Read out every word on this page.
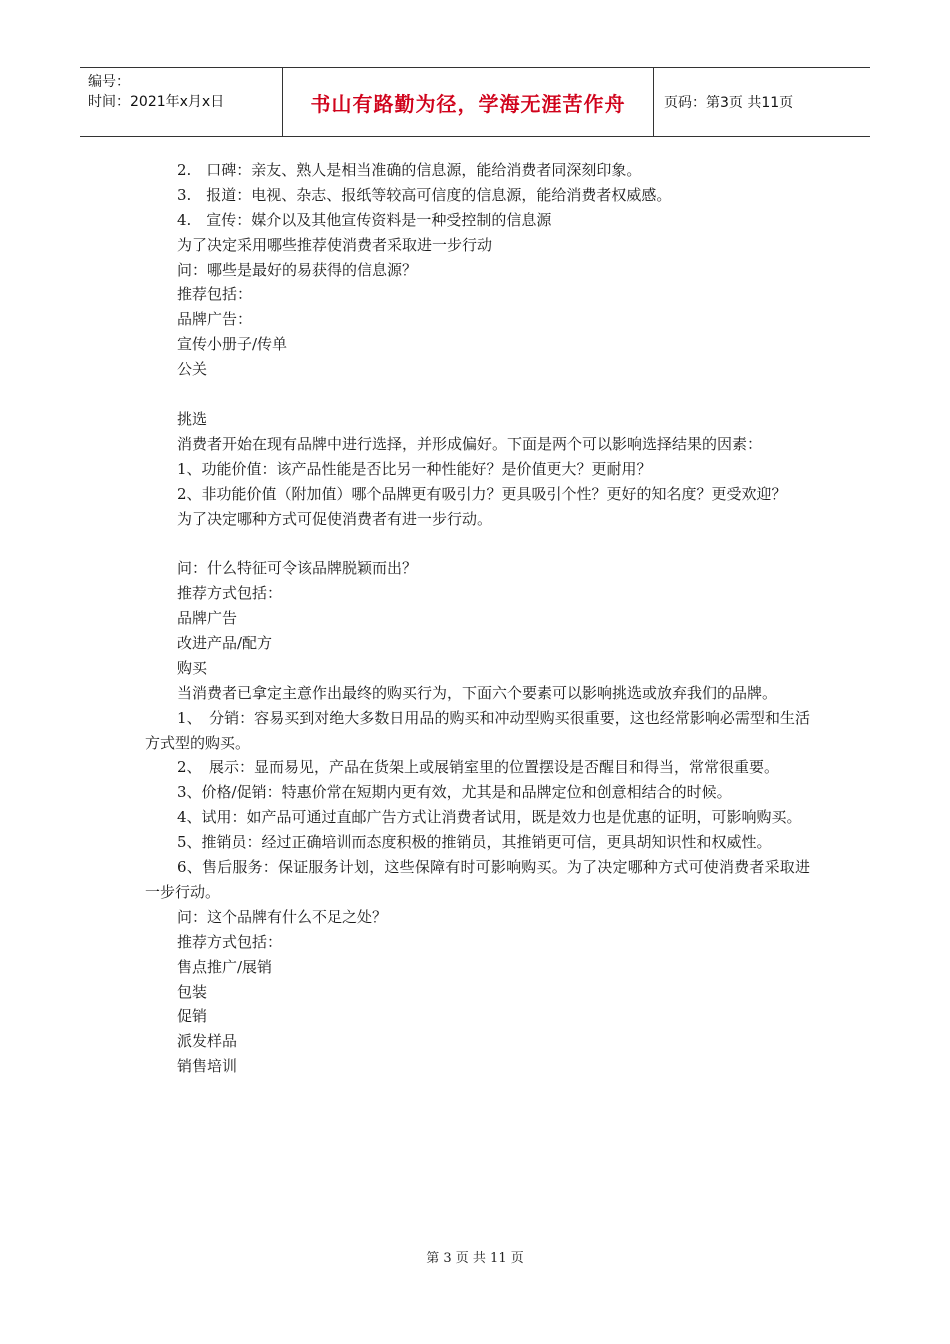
编号：
时间：2021年x月x日	书山有路勤为径，学海无涯苦作舟	页码：第3页 共11页
2.　口碑：亲友、熟人是相当准确的信息源，能给消费者同深刻印象。
3.　报道：电视、杂志、报纸等较高可信度的信息源，能给消费者权威感。
4.　宣传：媒介以及其他宣传资料是一种受控制的信息源
为了决定采用哪些推荐使消费者采取进一步行动
问：哪些是最好的易获得的信息源？
推荐包括：
品牌广告：
宣传小册子/传单
公关
挑选

消费者开始在现有品牌中进行选择，并形成偏好。下面是两个可以影响选择结果的因素：

1、功能价值：该产品性能是否比另一种性能好？是价值更大？更耐用？

2、非功能价值（附加值）哪个品牌更有吸引力？更具吸引个性？更好的知名度？更受欢迎？

为了决定哪种方式可促使消费者有进一步行动。
问：什么特征可令该品牌脱颖而出？
推荐方式包括：
品牌广告
改进产品/配方
购买

当消费者已拿定主意作出最终的购买行为，下面六个要素可以影响挑选或放弃我们的品牌。

1、　分销：容易买到对绝大多数日用品的购买和冲动型购买很重要，这也经常影响必需型和生活方式型的购买。

2、　展示：显而易见，产品在货架上或展销室里的位置摆设是否醒目和得当，常常很重要。

3、价格/促销：特惠价常在短期内更有效，尤其是和品牌定位和创意相结合的时候。

4、试用：如产品可通过直邮广告方式让消费者试用，既是效力也是优惠的证明，可影响购买。

5、推销员：经过正确培训而态度积极的推销员，其推销更可信，更具胡知识性和权威性。

6、售后服务：保证服务计划，这些保障有时可影响购买。为了决定哪种方式可使消费者采取进一步行动。

问：这个品牌有什么不足之处？
推荐方式包括：
售点推广/展销
包装
促销
派发样品
销售培训
第 3 页 共 11 页
